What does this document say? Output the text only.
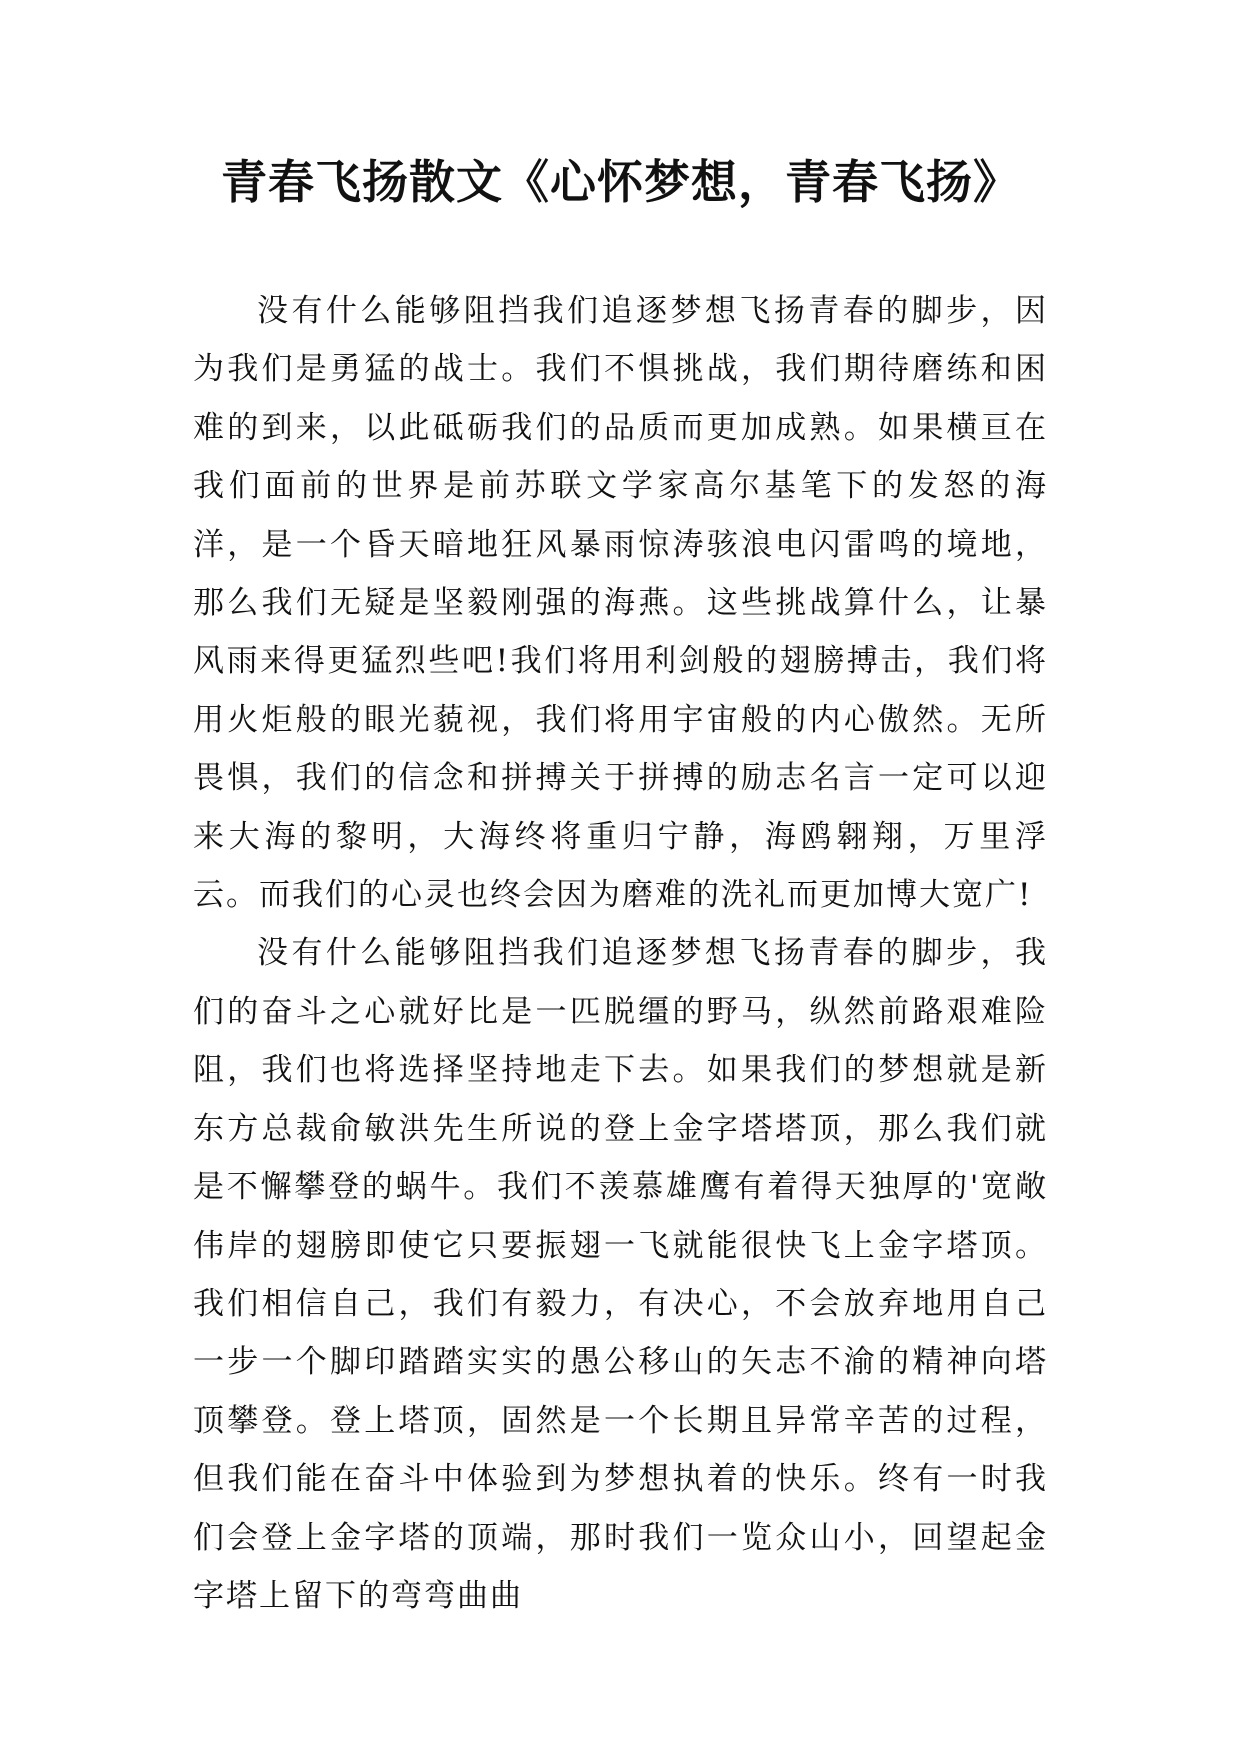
青春飞扬散文《心怀梦想，青春飞扬》

没有什么能够阻挡我们追逐梦想飞扬青春的脚步，因为我们是勇猛的战士。我们不惧挑战，我们期待磨练和困难的到来，以此砥砺我们的品质而更加成熟。如果横亘在我们面前的世界是前苏联文学家高尔基笔下的发怒的海洋，是一个昏天暗地狂风暴雨惊涛骇浪电闪雷鸣的境地，那么我们无疑是坚毅刚强的海燕。这些挑战算什么，让暴风雨来得更猛烈些吧!我们将用利剑般的翅膀搏击，我们将用火炬般的眼光藐视，我们将用宇宙般的内心傲然。无所畏惧，我们的信念和拼搏关于拼搏的励志名言一定可以迎来大海的黎明，大海终将重归宁静，海鸥翱翔，万里浮云。而我们的心灵也终会因为磨难的洗礼而更加博大宽广!

没有什么能够阻挡我们追逐梦想飞扬青春的脚步，我们的奋斗之心就好比是一匹脱缰的野马，纵然前路艰难险阻，我们也将选择坚持地走下去。如果我们的梦想就是新东方总裁俞敏洪先生所说的登上金字塔塔顶，那么我们就是不懈攀登的蜗牛。我们不羡慕雄鹰有着得天独厚的'宽敞伟岸的翅膀即使它只要振翅一飞就能很快飞上金字塔顶。我们相信自己，我们有毅力，有决心，不会放弃地用自己一步一个脚印踏踏实实的愚公移山的矢志不渝的精神向塔顶攀登。登上塔顶，固然是一个长期且异常辛苦的过程，但我们能在奋斗中体验到为梦想执着的快乐。终有一时我们会登上金字塔的顶端，那时我们一览众山小，回望起金字塔上留下的弯弯曲曲
